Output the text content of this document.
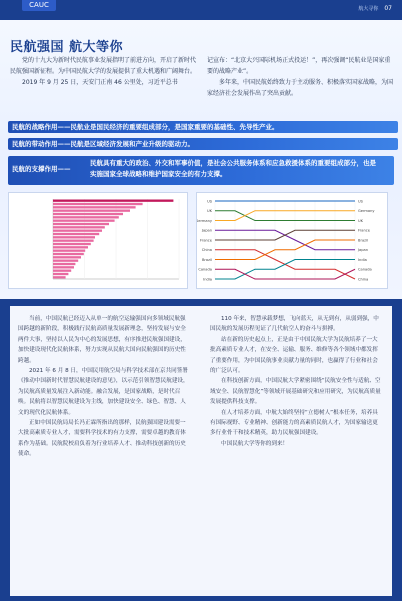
CAUC	航大寻你 07
民航强国 航大等你
党的十九大为新时代民航事业发展指明了前进方向，开启了新时代民航强国新征程。为中国民航大学的发展提供了重大机遇和广阔舞台。
2019 年 9 月 25 日，天安门正南 46 公里处，习近平总书
记宣布：“北京大兴国际机场正式投运！”，再次强调“民航业是国家重要的战略产业”。
多年来，中国民航始终致力于主动服务、积极落实国家战略，为国家经济社会发展作出了突出贡献。
民航的战略作用——民航业是国民经济的重要组成部分，是国家重要的基础性、先导性产业。
民航的带动作用——民航是区域经济发展和产业升级的驱动力。
民航的支撑作用——
民航具有重大的政治、外交和军事价值，是社会公共服务体系和应急救援体系的重要组成部分，也是实施国家全球战略和维护国家安全的有力支撑。
China
China
US	US
UK
UK
Germany
Germany
Japan
Japan
India
India
Brazil
Brazil
France
France
Canada	Canada

当前，中国民航已经迈入从单一的航空运输强国向多领域民航强国跨越的新阶段，积极践行民航高质量发展新理念，坚持发展与安全两件大事，坚持以人民为中心的发展思想，有序推进民航强国建设，加快建设现代化民航体系，努力实现从民航大国向民航强国的历史性跨越。

2021 年 6 月 8 日，中国民用航空局与科学技术部在京共同签署《推动中国新时代智慧民航建设的意见》，以示范引领智慧民航建设，为民航高质量发展注入新动能。融合发展，是国家战略，是时代召唤。民航将以智慧民航建设为主线，加快建设安全、绿色、智慧、人文的现代化民航体系。

正如中国民航局局长冯正霖所指出的那样，民航强国建设需要一大批高素质专业人才，需要科学技术的有力支撑，需要卓越的教育体系作为基础。民航院校肩负着为行业培养人才、推动科技创新的历史使命。

110 年来，智慧承载梦想，飞向蓝天，从无到有，从弱到强，中国民航的发展历程见证了几代航空人的奋斗与拼搏。

站在新的历史起点上，正是由于中国民航大学为民航培养了一大批高素质专业人才，在安全、运输、服务、维修等各个领域中都发挥了重要作用，为中国民航事业贡献力量的同时，也赢得了行业和社会的广泛认可。

在科技创新方面，中国民航大学紧密围绕“民航安全性与适航、空域安全、民航智慧化”等领域开展基础研究和应用研究，为民航高质量发展提供科技支撑。

在人才培养方面，中航大始终坚持“立德树人”根本任务，培养具有国际视野、专业精神、创新能力的高素质民航人才，为国家输送更多行业骨干和技术精英，助力民航强国建设。

中国民航大学等你的到来！
